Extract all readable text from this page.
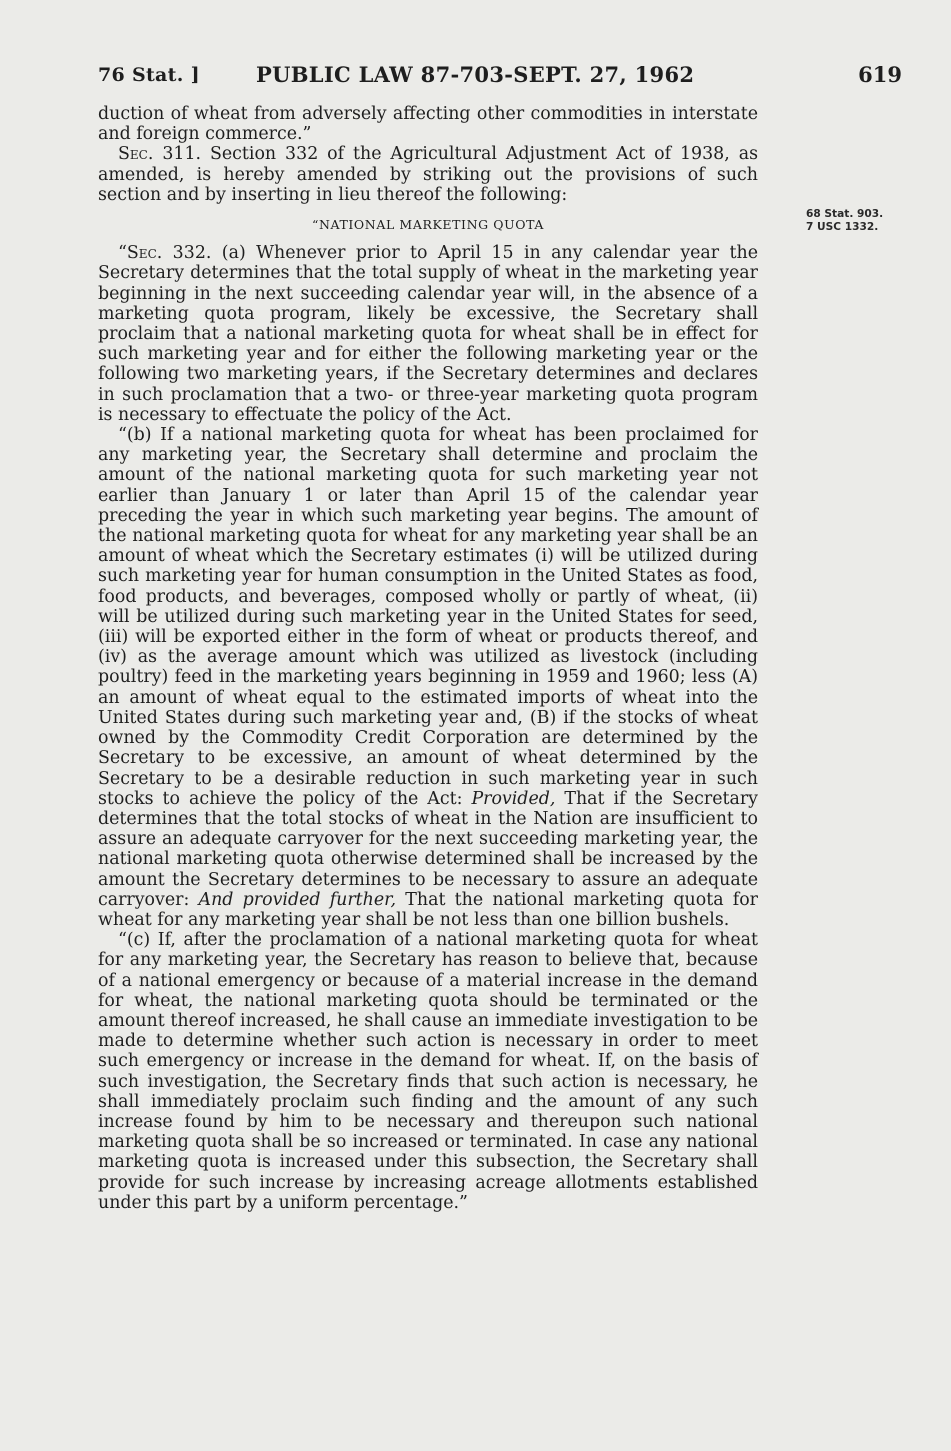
76 Stat. ]	PUBLIC LAW 87-703-SEPT. 27, 1962	619
68 Stat. 903.
7 USC 1332.

duction of wheat from adversely affecting other commodities in interstate and foreign commerce.”

Sec. 311. Section 332 of the Agricultural Adjustment Act of 1938, as amended, is hereby amended by striking out the provisions of such section and by inserting in lieu thereof the following:

“NATIONAL MARKETING QUOTA

“Sec. 332. (a) Whenever prior to April 15 in any calendar year the Secretary determines that the total supply of wheat in the marketing year beginning in the next succeeding calendar year will, in the absence of a marketing quota program, likely be excessive, the Secretary shall proclaim that a national marketing quota for wheat shall be in effect for such marketing year and for either the following marketing year or the following two marketing years, if the Secretary determines and declares in such proclamation that a two- or three-year marketing quota program is necessary to effectuate the policy of the Act.

“(b) If a national marketing quota for wheat has been proclaimed for any marketing year, the Secretary shall determine and proclaim the amount of the national marketing quota for such marketing year not earlier than January 1 or later than April 15 of the calendar year preceding the year in which such marketing year begins. The amount of the national marketing quota for wheat for any marketing year shall be an amount of wheat which the Secretary estimates (i) will be utilized during such marketing year for human consumption in the United States as food, food products, and beverages, composed wholly or partly of wheat, (ii) will be utilized during such marketing year in the United States for seed, (iii) will be exported either in the form of wheat or products thereof, and (iv) as the average amount which was utilized as livestock (including poultry) feed in the marketing years beginning in 1959 and 1960; less (A) an amount of wheat equal to the estimated imports of wheat into the United States during such marketing year and, (B) if the stocks of wheat owned by the Commodity Credit Corporation are determined by the Secretary to be excessive, an amount of wheat determined by the Secretary to be a desirable reduction in such marketing year in such stocks to achieve the policy of the Act: Provided, That if the Secretary determines that the total stocks of wheat in the Nation are insufficient to assure an adequate carryover for the next succeeding marketing year, the national marketing quota otherwise determined shall be increased by the amount the Secretary determines to be necessary to assure an adequate carryover: And provided further, That the national marketing quota for wheat for any marketing year shall be not less than one billion bushels.

“(c) If, after the proclamation of a national marketing quota for wheat for any marketing year, the Secretary has reason to believe that, because of a national emergency or because of a material increase in the demand for wheat, the national marketing quota should be terminated or the amount thereof increased, he shall cause an immediate investigation to be made to determine whether such action is necessary in order to meet such emergency or increase in the demand for wheat. If, on the basis of such investigation, the Secretary finds that such action is necessary, he shall immediately proclaim such finding and the amount of any such increase found by him to be necessary and thereupon such national marketing quota shall be so increased or terminated. In case any national marketing quota is increased under this subsection, the Secretary shall provide for such increase by increasing acreage allotments established under this part by a uniform percentage.”
